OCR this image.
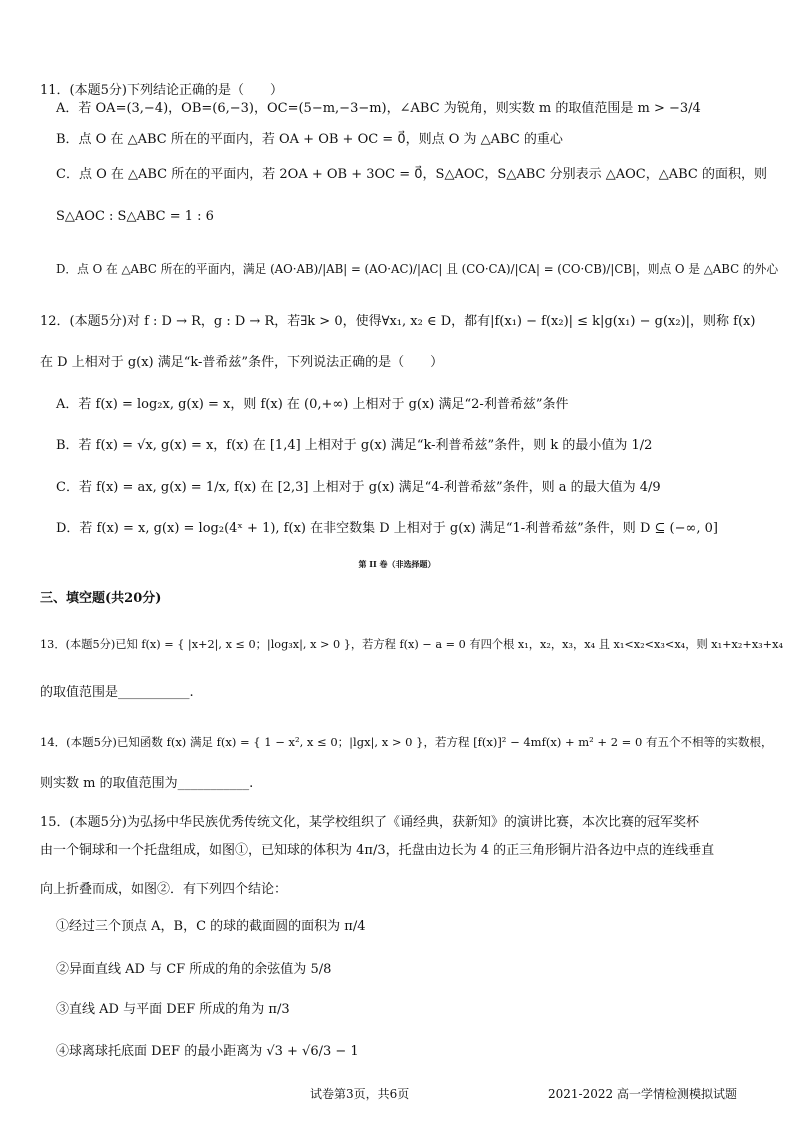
11．(本题5分)下列结论正确的是（　　）
A．若 OA=(3,−4)，OB=(6,−3)，OC=(5−m,−3−m)，∠ABC 为锐角，则实数 m 的取值范围是 m > −3/4
B．点 O 在 △ABC 所在的平面内，若 OA + OB + OC = 0⃗，则点 O 为 △ABC 的重心
C．点 O 在 △ABC 所在的平面内，若 2OA + OB + 3OC = 0⃗，S△AOC，S△ABC 分别表示 △AOC，△ABC 的面积，则
S△AOC : S△ABC = 1 : 6
D．点 O 在 △ABC 所在的平面内，满足 (AO·AB)/|AB| = (AO·AC)/|AC| 且 (CO·CA)/|CA| = (CO·CB)/|CB|，则点 O 是 △ABC 的外心
12．(本题5分)对 f : D → R，g : D → R，若∃k > 0，使得∀x₁, x₂ ∈ D，都有|f(x₁) − f(x₂)| ≤ k|g(x₁) − g(x₂)|，则称 f(x)
在 D 上相对于 g(x) 满足“k-普希兹”条件，下列说法正确的是（　　）
A．若 f(x) = log₂x, g(x) = x，则 f(x) 在 (0,+∞) 上相对于 g(x) 满足“2-利普希兹”条件
B．若 f(x) = √x, g(x) = x，f(x) 在 [1,4] 上相对于 g(x) 满足“k-利普希兹”条件，则 k 的最小值为 1/2
C．若 f(x) = ax, g(x) = 1/x, f(x) 在 [2,3] 上相对于 g(x) 满足“4-利普希兹”条件，则 a 的最大值为 4/9
D．若 f(x) = x, g(x) = log₂(4ˣ + 1), f(x) 在非空数集 D 上相对于 g(x) 满足“1-利普希兹”条件，则 D ⊆ (−∞, 0]
第 II 卷（非选择题）
三、填空题(共20分)
13．(本题5分)已知 f(x) = { |x+2|, x ≤ 0；|log₃x|, x > 0 }，若方程 f(x) − a = 0 有四个根 x₁，x₂，x₃，x₄ 且 x₁<x₂<x₃<x₄，则 x₁+x₂+x₃+x₄
的取值范围是___________.
14．(本题5分)已知函数 f(x) 满足 f(x) = { 1 − x², x ≤ 0；|lgx|, x > 0 }，若方程 [f(x)]² − 4mf(x) + m² + 2 = 0 有五个不相等的实数根，
则实数 m 的取值范围为___________.
15．(本题5分)为弘扬中华民族优秀传统文化，某学校组织了《诵经典，获新知》的演讲比赛，本次比赛的冠军奖杯
由一个铜球和一个托盘组成，如图①，已知球的体积为 4π/3，托盘由边长为 4 的正三角形铜片沿各边中点的连线垂直
向上折叠而成，如图②．有下列四个结论：
①经过三个顶点 A，B，C 的球的截面圆的面积为 π/4
②异面直线 AD 与 CF 所成的角的余弦值为 5/8
③直线 AD 与平面 DEF 所成的角为 π/3
④球离球托底面 DEF 的最小距离为 √3 + √6/3 − 1
试卷第3页，共6页	2021-2022 高一学情检测模拟试题
